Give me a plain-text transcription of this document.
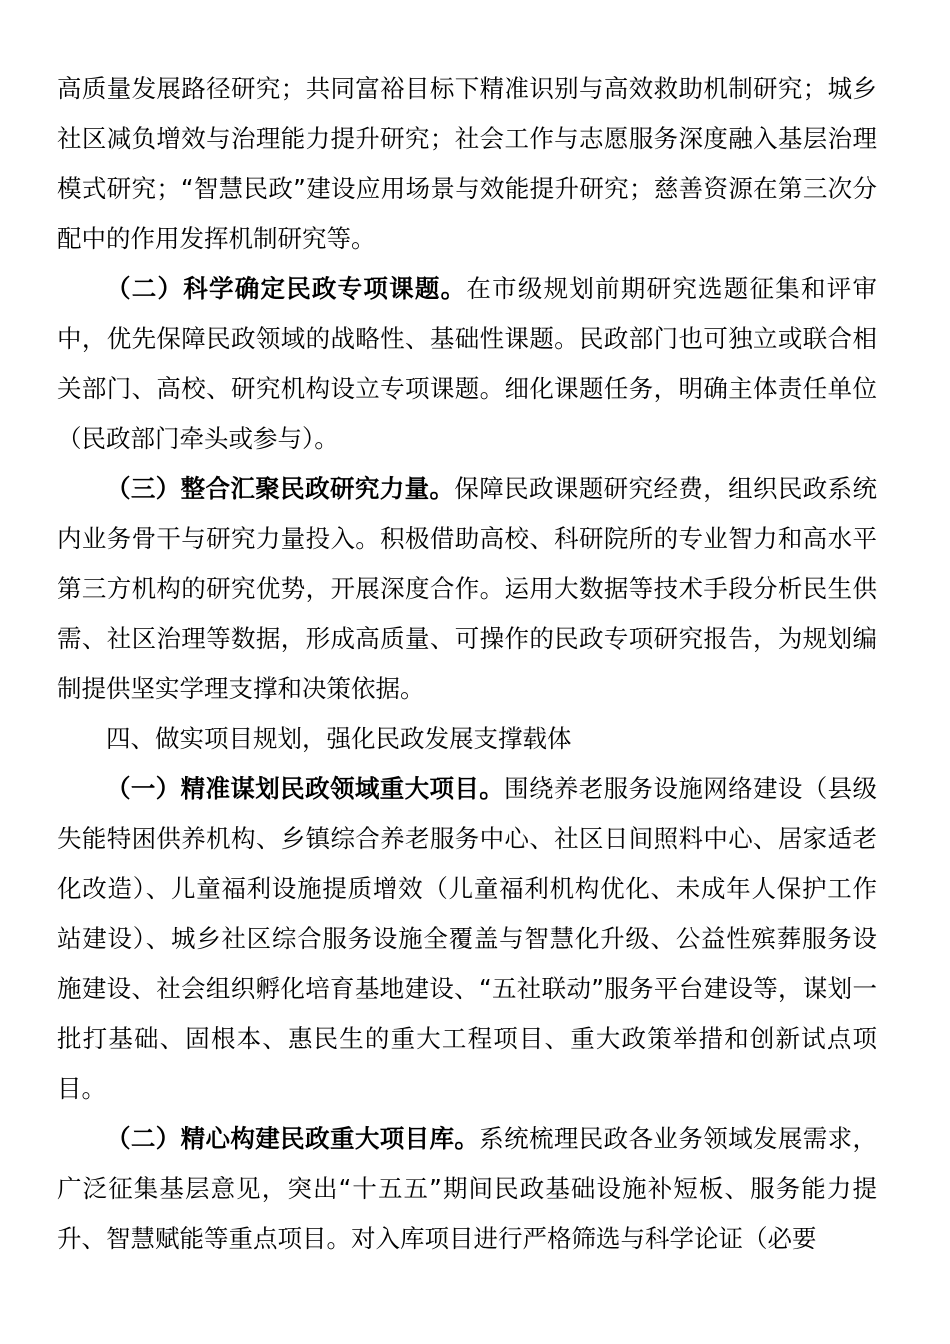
高质量发展路径研究；共同富裕目标下精准识别与高效救助机制研究；城乡社区减负增效与治理能力提升研究；社会工作与志愿服务深度融入基层治理模式研究；“智慧民政”建设应用场景与效能提升研究；慈善资源在第三次分配中的作用发挥机制研究等。

（二）科学确定民政专项课题。在市级规划前期研究选题征集和评审中，优先保障民政领域的战略性、基础性课题。民政部门也可独立或联合相关部门、高校、研究机构设立专项课题。细化课题任务，明确主体责任单位（民政部门牵头或参与）。

（三）整合汇聚民政研究力量。保障民政课题研究经费，组织民政系统内业务骨干与研究力量投入。积极借助高校、科研院所的专业智力和高水平第三方机构的研究优势，开展深度合作。运用大数据等技术手段分析民生供需、社区治理等数据，形成高质量、可操作的民政专项研究报告，为规划编制提供坚实学理支撑和决策依据。

四、做实项目规划，强化民政发展支撑载体

（一）精准谋划民政领域重大项目。围绕养老服务设施网络建设（县级失能特困供养机构、乡镇综合养老服务中心、社区日间照料中心、居家适老化改造）、儿童福利设施提质增效（儿童福利机构优化、未成年人保护工作站建设）、城乡社区综合服务设施全覆盖与智慧化升级、公益性殡葬服务设施建设、社会组织孵化培育基地建设、“五社联动”服务平台建设等，谋划一批打基础、固根本、惠民生的重大工程项目、重大政策举措和创新试点项目。

（二）精心构建民政重大项目库。系统梳理民政各业务领域发展需求，广泛征集基层意见，突出“十五五”期间民政基础设施补短板、服务能力提升、智慧赋能等重点项目。对入库项目进行严格筛选与科学论证（必要
